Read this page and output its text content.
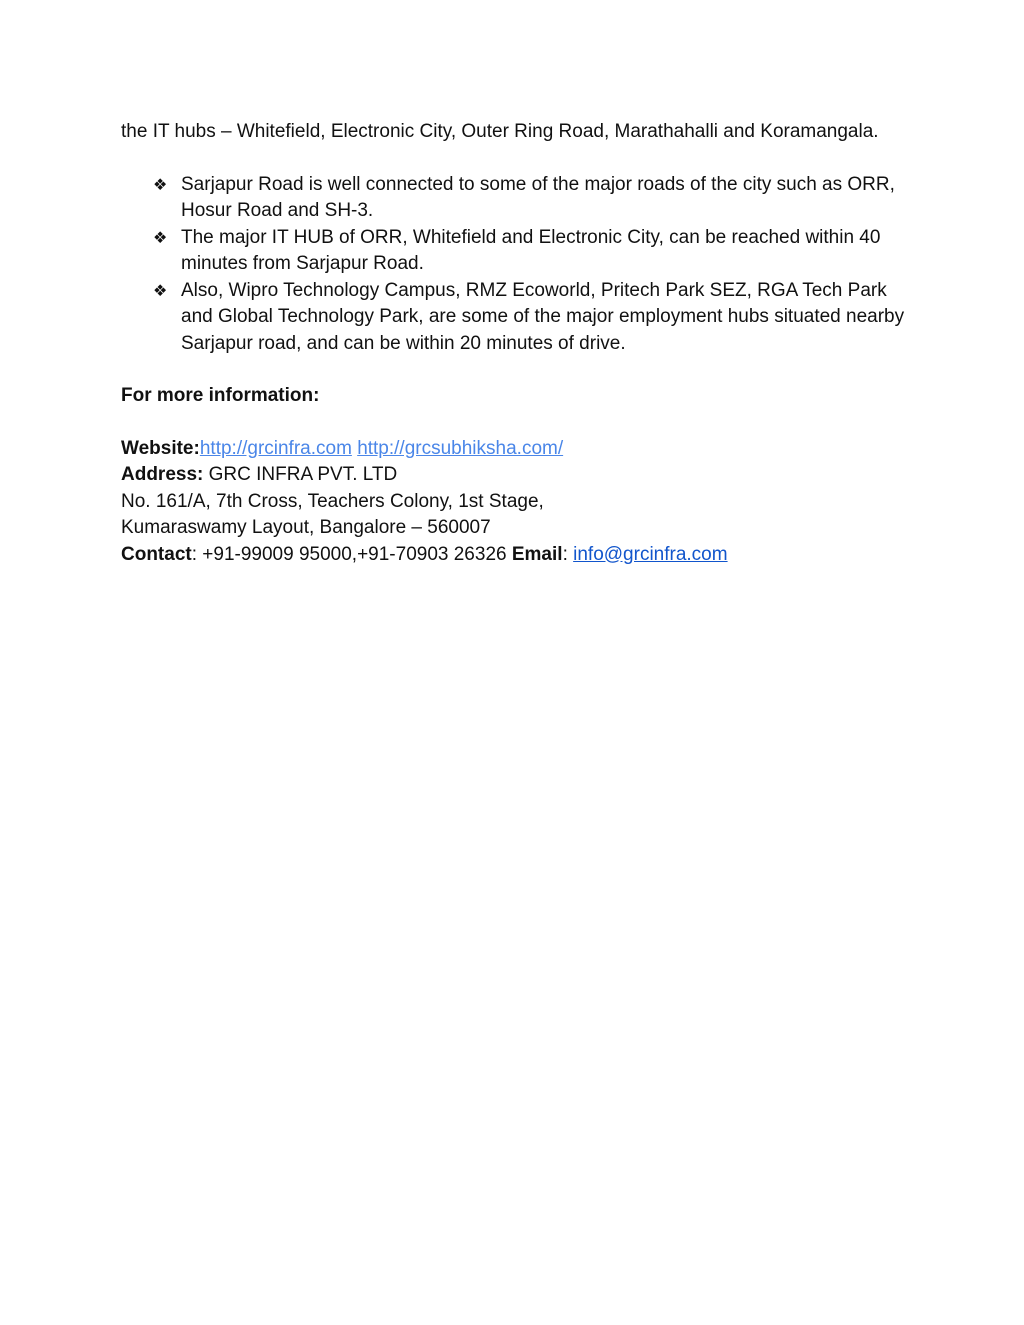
the IT hubs – Whitefield, Electronic City, Outer Ring Road, Marathahalli and Koramangala.

❖ Sarjapur Road is well connected to some of the major roads of the city such as ORR, Hosur Road and SH-3.
❖ The major IT HUB of ORR, Whitefield and Electronic City, can be reached within 40 minutes from Sarjapur Road.
❖ Also, Wipro Technology Campus, RMZ Ecoworld, Pritech Park SEZ, RGA Tech Park and Global Technology Park, are some of the major employment hubs situated nearby Sarjapur road, and can be within 20 minutes of drive.

For more information:

Website:http://grcinfra.com http://grcsubhiksha.com/

Address: GRC INFRA PVT. LTD

No. 161/A, 7th Cross, Teachers Colony, 1st Stage,

Kumaraswamy Layout, Bangalore – 560007

Contact: +91-99009 95000,+91-70903 26326 Email: info@grcinfra.com
